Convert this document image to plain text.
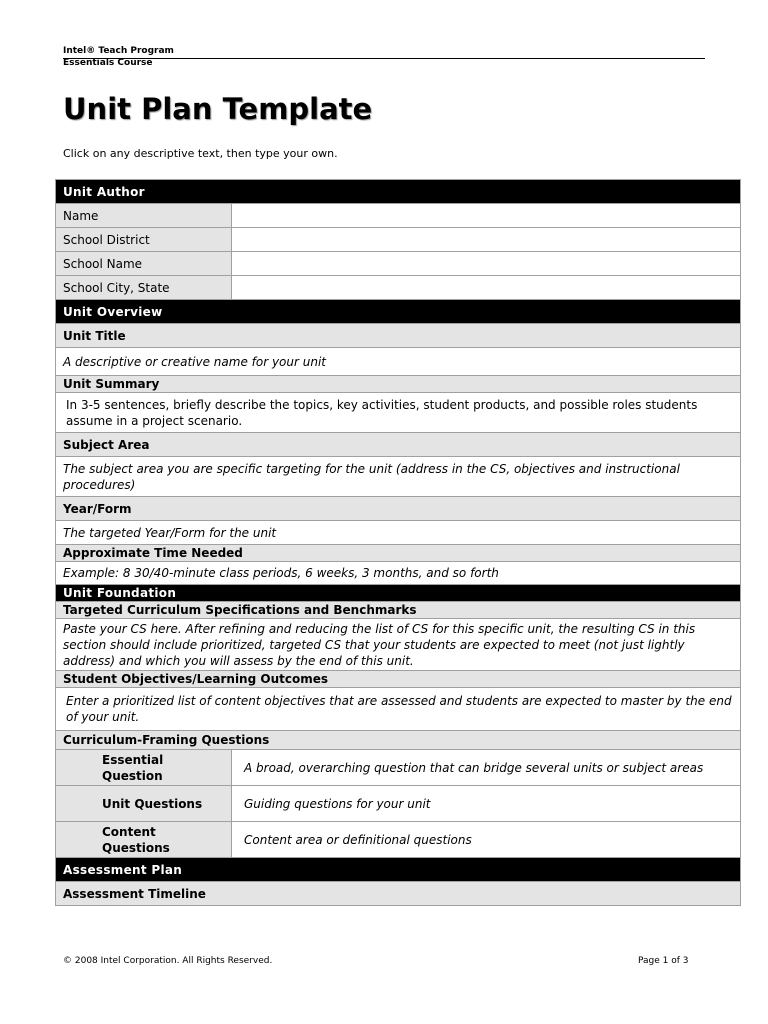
Intel® Teach Program
Essentials Course
Unit Plan Template
Click on any descriptive text, then type your own.
Unit Author	
Name	
School District	
School Name	
School City, State	
Unit Overview	
Unit Title	
A descriptive or creative name for your unit	
Unit Summary	
In 3-5 sentences, briefly describe the topics, key activities, student products, and possible roles students assume in a project scenario.	
Subject Area	
The subject area you are specific targeting for the unit (address in the CS, objectives and instructional procedures)	
Year/Form	
The targeted Year/Form for the unit	
Approximate Time Needed	
Example: 8 30/40-minute class periods, 6 weeks, 3 months, and so forth	
Unit Foundation	
Targeted Curriculum Specifications and Benchmarks	
Paste your CS here. After refining and reducing the list of CS for this specific unit, the resulting CS in this section should include prioritized, targeted CS that your students are expected to meet (not just lightly address) and which you will assess by the end of this unit.	
Student Objectives/Learning Outcomes	
Enter a prioritized list of content objectives that are assessed and students are expected to master by the end of your unit.	
Curriculum-Framing Questions	
Essential Question	A broad, overarching question that can bridge several units or subject areas
Unit Questions	Guiding questions for your unit
Content Questions	Content area or definitional questions
Assessment Plan	
Assessment Timeline	
© 2008 Intel Corporation. All Rights Reserved.	Page 1 of 3
